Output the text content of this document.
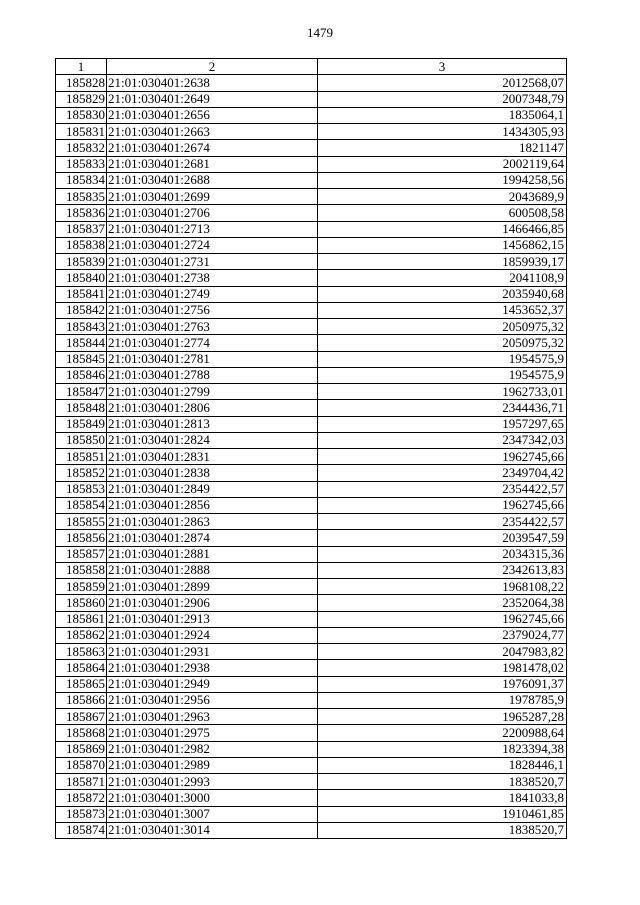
1479
1	2	3
185828	21:01:030401:2638	2012568,07
185829	21:01:030401:2649	2007348,79
185830	21:01:030401:2656	1835064,1
185831	21:01:030401:2663	1434305,93
185832	21:01:030401:2674	1821147
185833	21:01:030401:2681	2002119,64
185834	21:01:030401:2688	1994258,56
185835	21:01:030401:2699	2043689,9
185836	21:01:030401:2706	600508,58
185837	21:01:030401:2713	1466466,85
185838	21:01:030401:2724	1456862,15
185839	21:01:030401:2731	1859939,17
185840	21:01:030401:2738	2041108,9
185841	21:01:030401:2749	2035940,68
185842	21:01:030401:2756	1453652,37
185843	21:01:030401:2763	2050975,32
185844	21:01:030401:2774	2050975,32
185845	21:01:030401:2781	1954575,9
185846	21:01:030401:2788	1954575,9
185847	21:01:030401:2799	1962733,01
185848	21:01:030401:2806	2344436,71
185849	21:01:030401:2813	1957297,65
185850	21:01:030401:2824	2347342,03
185851	21:01:030401:2831	1962745,66
185852	21:01:030401:2838	2349704,42
185853	21:01:030401:2849	2354422,57
185854	21:01:030401:2856	1962745,66
185855	21:01:030401:2863	2354422,57
185856	21:01:030401:2874	2039547,59
185857	21:01:030401:2881	2034315,36
185858	21:01:030401:2888	2342613,83
185859	21:01:030401:2899	1968108,22
185860	21:01:030401:2906	2352064,38
185861	21:01:030401:2913	1962745,66
185862	21:01:030401:2924	2379024,77
185863	21:01:030401:2931	2047983,82
185864	21:01:030401:2938	1981478,02
185865	21:01:030401:2949	1976091,37
185866	21:01:030401:2956	1978785,9
185867	21:01:030401:2963	1965287,28
185868	21:01:030401:2975	2200988,64
185869	21:01:030401:2982	1823394,38
185870	21:01:030401:2989	1828446,1
185871	21:01:030401:2993	1838520,7
185872	21:01:030401:3000	1841033,8
185873	21:01:030401:3007	1910461,85
185874	21:01:030401:3014	1838520,7
